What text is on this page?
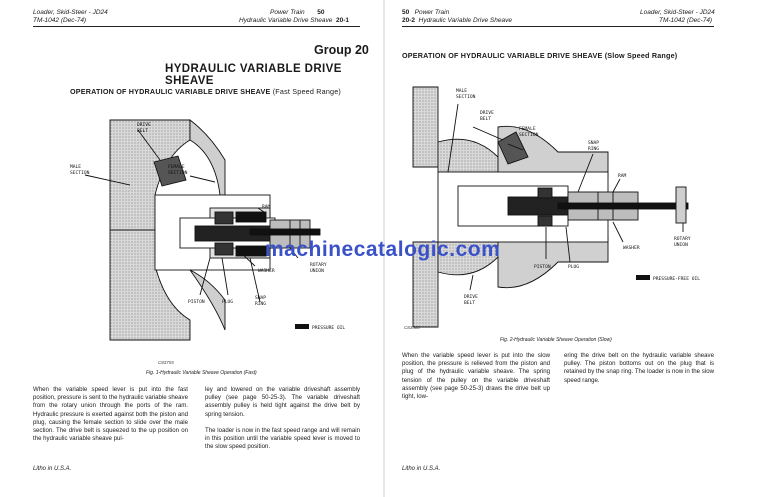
Loader, Skid-Steer - JD24
TM-1042 (Dec-74)
Power Train 50
Hydraulic Variable Drive Sheave 20-1
Group 20
HYDRAULIC VARIABLE DRIVE SHEAVE
OPERATION OF HYDRAULIC VARIABLE DRIVE SHEAVE (Fast Speed Range)
DRIVE
BELT
MALE
SECTION
FEMALE
SECTION
RAM
WASHER
ROTARY
UNION
PISTON	PLUG
SNAP
RING
PRESSURE OIL
C83755
Fig. 1-Hydraulic Variable Sheave Operation (Fast)
When the variable speed lever is put into the fast position, pressure is sent to the hydraulic variable sheave from the rotary union through the ports of the ram. Hydraulic pressure is exerted against both the piston and plug, causing the female section to slide over the male section. The drive belt is squeezed to the up position on the hydraulic variable sheave pul-
ley and lowered on the variable driveshaft assembly pulley (see page 50-25-3). The variable driveshaft assembly pulley is held tight against the drive belt by spring tension.
The loader is now in the fast speed range and will remain in this position until the variable speed lever is moved to the slow speed position.
Litho in U.S.A.
50 Power Train
20-2 Hydraulic Variable Drive Sheave
Loader, Skid-Steer - JD24
TM-1042 (Dec-74)
OPERATION OF HYDRAULIC VARIABLE DRIVE SHEAVE (Slow Speed Range)
MALE
SECTION
DRIVE
BELT
FEMALE
SECTION
SNAP
RING
RAM
WASHER
ROTARY
UNION
PISTON	PLUG
PRESSURE-FREE OIL
DRIVE
BELT
C83500
Fig. 2-Hydraulic Variable Sheave Operation (Slow)
When the variable speed lever is put into the slow position, the pressure is relieved from the piston and plug of the hydraulic variable sheave. The spring tension of the pulley on the variable driveshaft assembly (see page 50-25-3) draws the drive belt up tight, low-
ering the drive belt on the hydraulic variable sheave pulley. The piston bottoms out on the plug that is retained by the snap ring. The loader is now in the slow speed range.
Litho in U.S.A.
machinecatalogic.com
